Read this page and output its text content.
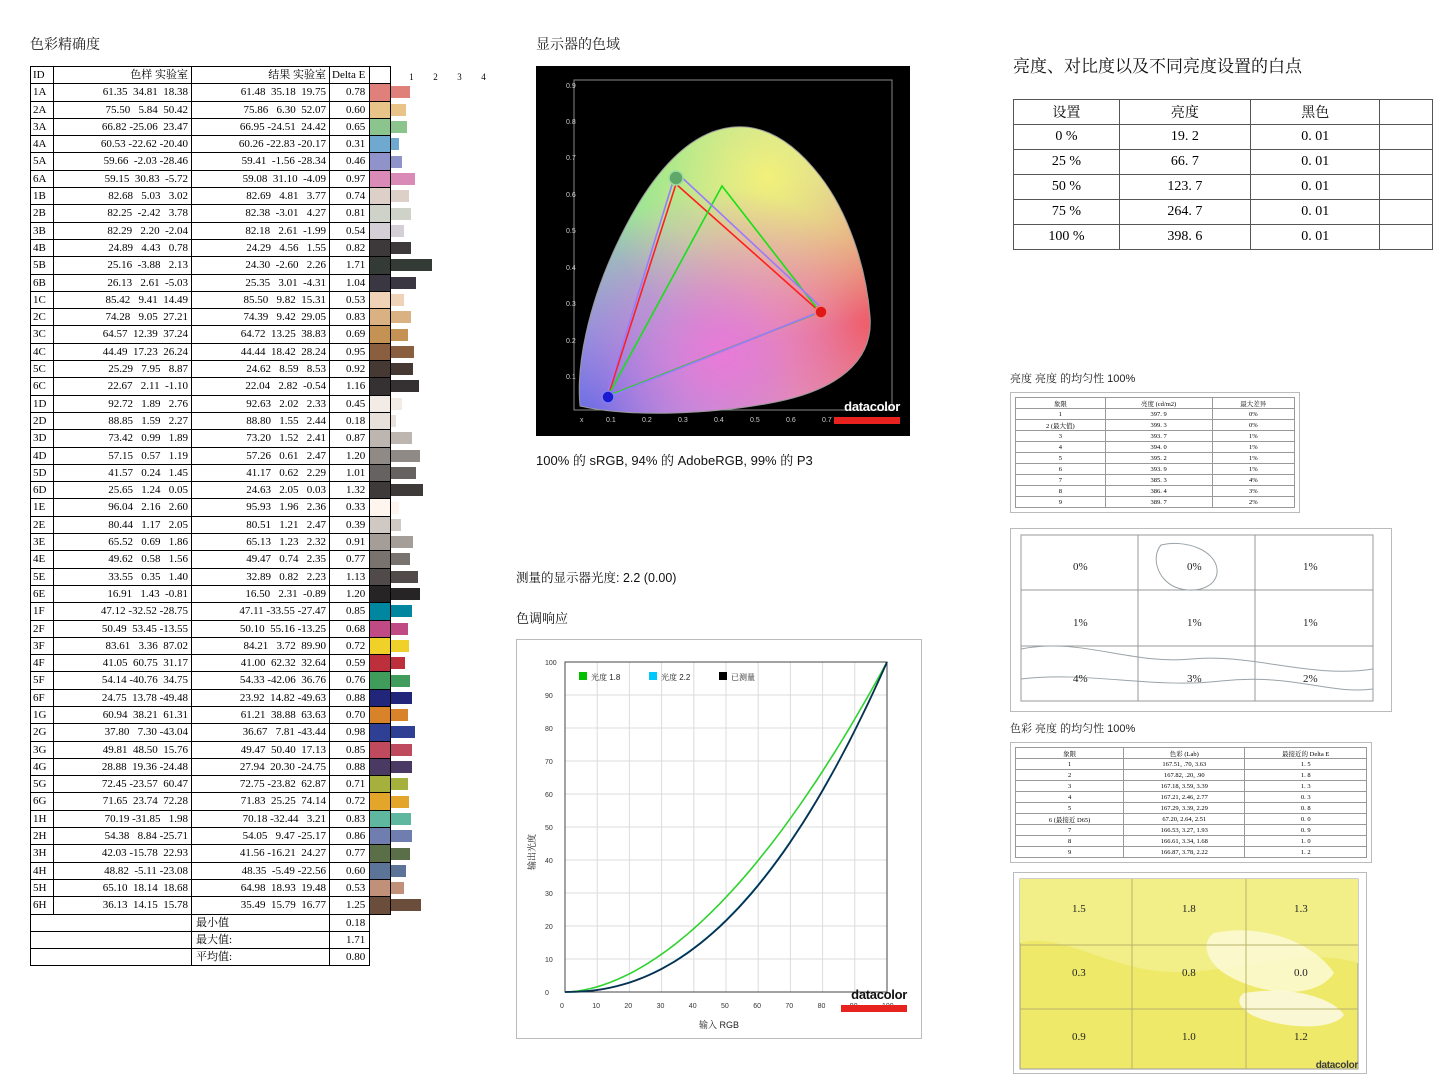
色彩精确度
ID	色样 实验室	结果 实验室	Delta E		1 2 3 4

1A	61.35  34.81  18.38	61.48  35.18  19.75	0.78		

2A	75.50   5.84  50.42	75.86   6.30  52.07	0.60		

3A	66.82 -25.06  23.47	66.95 -24.51  24.42	0.65		

4A	60.53 -22.62 -20.40	60.26 -22.83 -20.17	0.31		

5A	59.66  -2.03 -28.46	59.41  -1.56 -28.34	0.46		

6A	59.15  30.83  -5.72	59.08  31.10  -4.09	0.97		

1B	82.68   5.03   3.02	82.69   4.81   3.77	0.74		

2B	82.25  -2.42   3.78	82.38  -3.01   4.27	0.81		

3B	82.29   2.20  -2.04	82.18   2.61  -1.99	0.54		

4B	24.89   4.43   0.78	24.29   4.56   1.55	0.82		

5B	25.16  -3.88   2.13	24.30  -2.60   2.26	1.71		

6B	26.13   2.61  -5.03	25.35   3.01  -4.31	1.04		

1C	85.42   9.41  14.49	85.50   9.82  15.31	0.53		

2C	74.28   9.05  27.21	74.39   9.42  29.05	0.83		

3C	64.57  12.39  37.24	64.72  13.25  38.83	0.69		

4C	44.49  17.23  26.24	44.44  18.42  28.24	0.95		

5C	25.29   7.95   8.87	24.62   8.59   8.53	0.92		

6C	22.67   2.11  -1.10	22.04   2.82  -0.54	1.16		

1D	92.72   1.89   2.76	92.63   2.02   2.33	0.45		

2D	88.85   1.59   2.27	88.80   1.55   2.44	0.18		

3D	73.42   0.99   1.89	73.20   1.52   2.41	0.87		

4D	57.15   0.57   1.19	57.26   0.61   2.47	1.20		

5D	41.57   0.24   1.45	41.17   0.62   2.29	1.01		

6D	25.65   1.24   0.05	24.63   2.05   0.03	1.32		

1E	96.04   2.16   2.60	95.93   1.96   2.36	0.33		

2E	80.44   1.17   2.05	80.51   1.21   2.47	0.39		

3E	65.52   0.69   1.86	65.13   1.23   2.32	0.91		

4E	49.62   0.58   1.56	49.47   0.74   2.35	0.77		

5E	33.55   0.35   1.40	32.89   0.82   2.23	1.13		

6E	16.91   1.43  -0.81	16.50   2.31  -0.89	1.20		

1F	47.12 -32.52 -28.75	47.11 -33.55 -27.47	0.85		

2F	50.49  53.45 -13.55	50.10  55.16 -13.25	0.68		

3F	83.61   3.36  87.02	84.21   3.72  89.90	0.72		

4F	41.05  60.75  31.17	41.00  62.32  32.64	0.59		

5F	54.14 -40.76  34.75	54.33 -42.06  36.76	0.76		

6F	24.75  13.78 -49.48	23.92  14.82 -49.63	0.88		

1G	60.94  38.21  61.31	61.21  38.88  63.63	0.70		

2G	37.80   7.30 -43.04	36.67   7.81 -43.44	0.98		

3G	49.81  48.50  15.76	49.47  50.40  17.13	0.85		

4G	28.88  19.36 -24.48	27.94  20.30 -24.75	0.88		

5G	72.45 -23.57  60.47	72.75 -23.82  62.87	0.71		

6G	71.65  23.74  72.28	71.83  25.25  74.14	0.72		

1H	70.19 -31.85   1.98	70.18 -32.44   3.21	0.83		

2H	54.38   8.84 -25.71	54.05   9.47 -25.17	0.86		

3H	42.03 -15.78  22.93	41.56 -16.21  24.27	0.77		

4H	48.82  -5.11 -23.08	48.35  -5.49 -22.56	0.60		

5H	65.10  18.14  18.68	64.98  18.93  19.48	0.53		

6H	36.13  14.15  15.78	35.49  15.79  16.77	1.25		

		最小值	0.18		
		最大值:	1.71		
		平均值:	0.80		
显示器的色域
0.9
0.8
0.7
0.6
0.5
0.4
0.3
0.2
0.1
x	0.1	0.2	0.3	0.4	0.5	0.6	0.7
datacolor
100% 的 sRGB, 94% 的 AdobeRGB, 99% 的 P3
测量的显示器光度: 2.2 (0.00)
色调响应
0
0
10
10
20
20
30
30
40
40
50
50
60
60
70
70
80
80
90
100
输出光度
输入 RGB
光度 1.8	光度 2.2	已测量
datacolor
亮度、对比度以及不同亮度设置的白点
设置	亮度	黑色	
0 %	19. 2	0. 01	
25 %	66. 7	0. 01	
50 %	123. 7	0. 01	
75 %	264. 7	0. 01	
100 %	398. 6	0. 01	
亮度 亮度 的均匀性 100%
象限	亮度 (cd/m2)	最大差异
1	397. 9	0%
2 (最大值)	399. 3	0%
3	393. 7	1%
4	394. 0	1%
5	395. 2	1%
6	393. 9	1%
7	385. 3	4%
8	386. 4	3%
9	389. 7	2%
0%	0%	1%
1%	1%	1%
4%	3%	2%
色彩 亮度 的均匀性 100%
象限	色彩 (Lab)	最接近的 Delta E
1	167.51, .70, 3.63	1. 5
2	167.82, .20, .90	1. 8
3	167.18, 3.59, 3.39	1. 3
4	167.21, 2.46, 2.77	0. 3
5	167.29, 3.39, 2.29	0. 8
6 (最接近 D65)	67.20, 2.64, 2.51	0. 0
7	166.53, 3.27, 1.93	0. 9
8	166.61, 3.34, 1.68	1. 0
9	166.87, 3.78, 2.22	1. 2
1.5	1.8	1.3
0.3	0.8	0.0
0.9	1.0	1.2
datacolor
